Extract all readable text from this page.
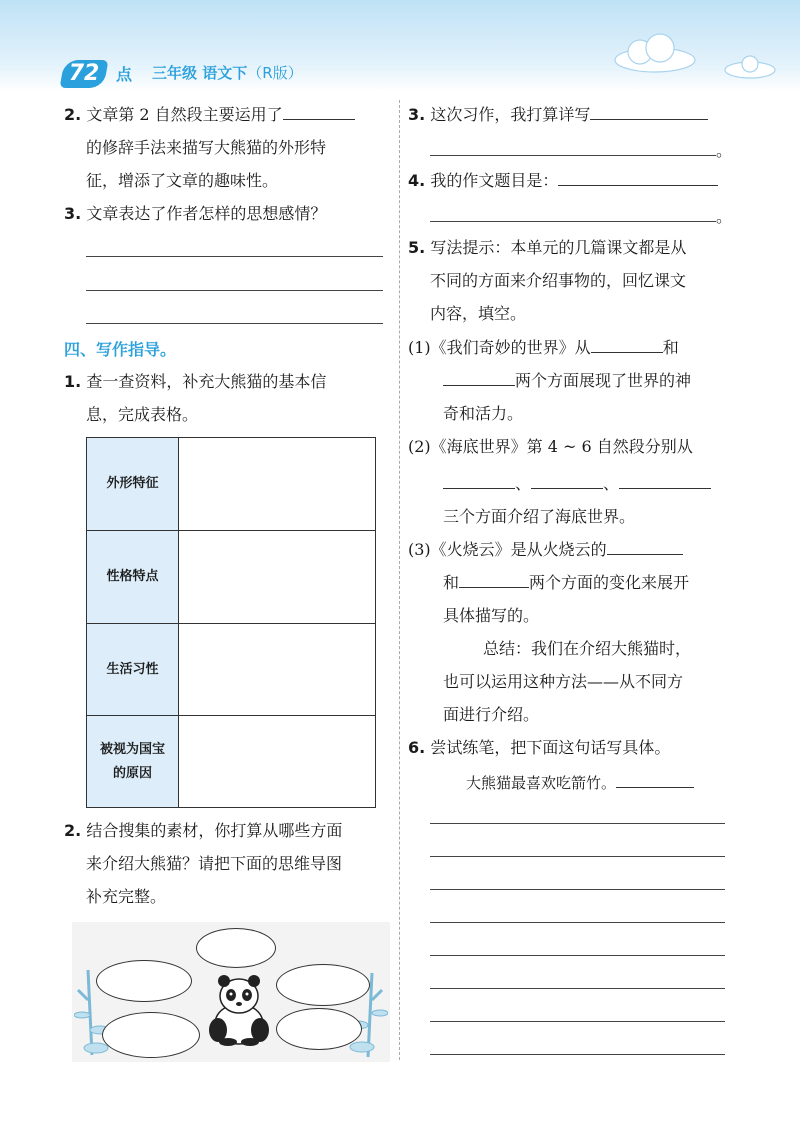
72 点 三年级 语文下（R版）
2. 文章第 2 自然段主要运用了
的修辞手法来描写大熊猫的外形特
征，增添了文章的趣味性。
3. 文章表达了作者怎样的思想感情？
四、写作指导。
1. 查一查资料，补充大熊猫的基本信
息，完成表格。
外形特征	

性格特点	

生活习性	

被视为国宝
的原因	

2. 结合搜集的素材，你打算从哪些方面
来介绍大熊猫？请把下面的思维导图
补充完整。
3. 这次习作，我打算详写
。
4. 我的作文题目是：
。
5. 写法提示：本单元的几篇课文都是从
不同的方面来介绍事物的，回忆课文
内容，填空。
(1)《我们奇妙的世界》从	和
两个方面展现了世界的神
奇和活力。
(2)《海底世界》第 4 ~ 6 自然段分别从
、	、
三个方面介绍了海底世界。
(3)《火烧云》是从火烧云的
和	两个方面的变化来展开
具体描写的。
总结：我们在介绍大熊猫时，
也可以运用这种方法——从不同方
面进行介绍。
6. 尝试练笔，把下面这句话写具体。
大熊猫最喜欢吃箭竹。
